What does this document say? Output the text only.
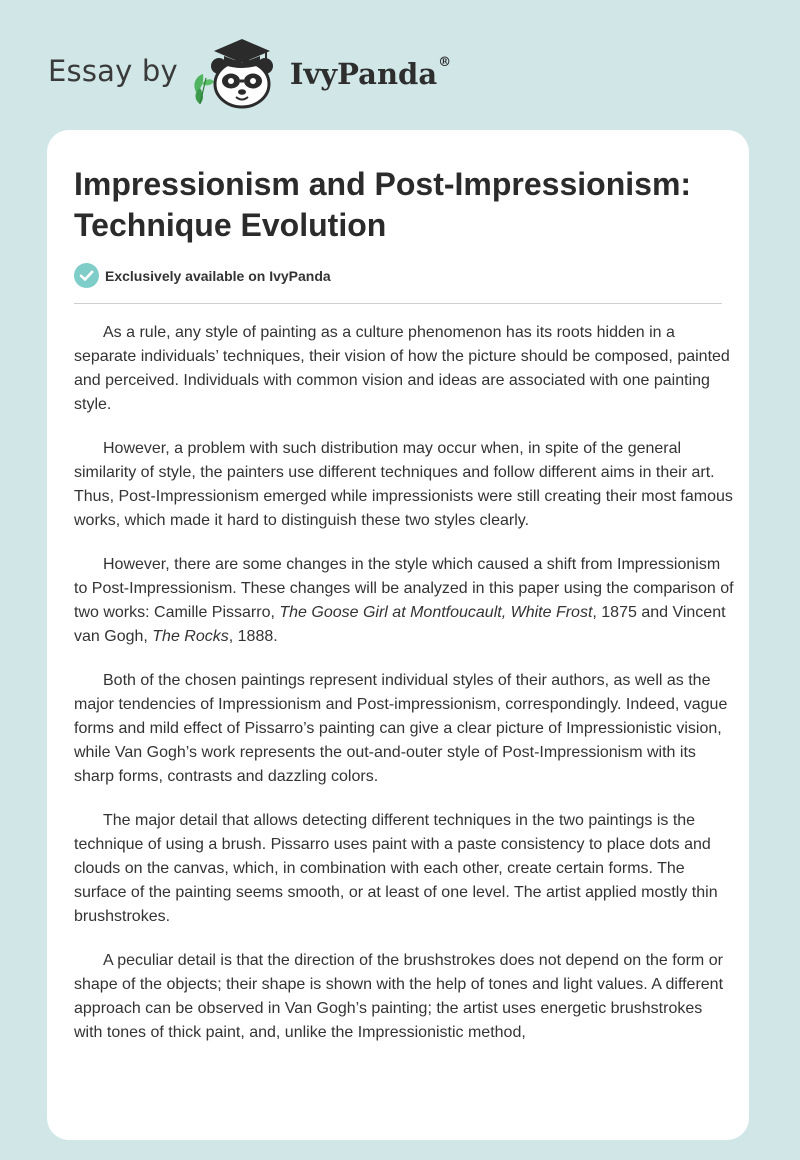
Essay by	IvyPanda®
Impressionism and Post-Impressionism: Technique Evolution
Exclusively available on IvyPanda

As a rule, any style of painting as a culture phenomenon has its roots hidden in a separate individuals’ techniques, their vision of how the picture should be composed, painted and perceived. Individuals with common vision and ideas are associated with one painting style.

However, a problem with such distribution may occur when, in spite of the general similarity of style, the painters use different techniques and follow different aims in their art. Thus, Post-Impressionism emerged while impressionists were still creating their most famous works, which made it hard to distinguish these two styles clearly.

However, there are some changes in the style which caused a shift from Impressionism to Post-Impressionism. These changes will be analyzed in this paper using the comparison of two works: Camille Pissarro, The Goose Girl at Montfoucault, White Frost, 1875 and Vincent van Gogh, The Rocks, 1888.

Both of the chosen paintings represent individual styles of their authors, as well as the major tendencies of Impressionism and Post-impressionism, correspondingly. Indeed, vague forms and mild effect of Pissarro’s painting can give a clear picture of Impressionistic vision, while Van Gogh’s work represents the out-and-outer style of Post-Impressionism with its sharp forms, contrasts and dazzling colors.

The major detail that allows detecting different techniques in the two paintings is the technique of using a brush. Pissarro uses paint with a paste consistency to place dots and clouds on the canvas, which, in combination with each other, create certain forms. The surface of the painting seems smooth, or at least of one level. The artist applied mostly thin brushstrokes.

A peculiar detail is that the direction of the brushstrokes does not depend on the form or shape of the objects; their shape is shown with the help of tones and light values. A different approach can be observed in Van Gogh’s painting; the artist uses energetic brushstrokes with tones of thick paint, and, unlike the Impressionistic method,
